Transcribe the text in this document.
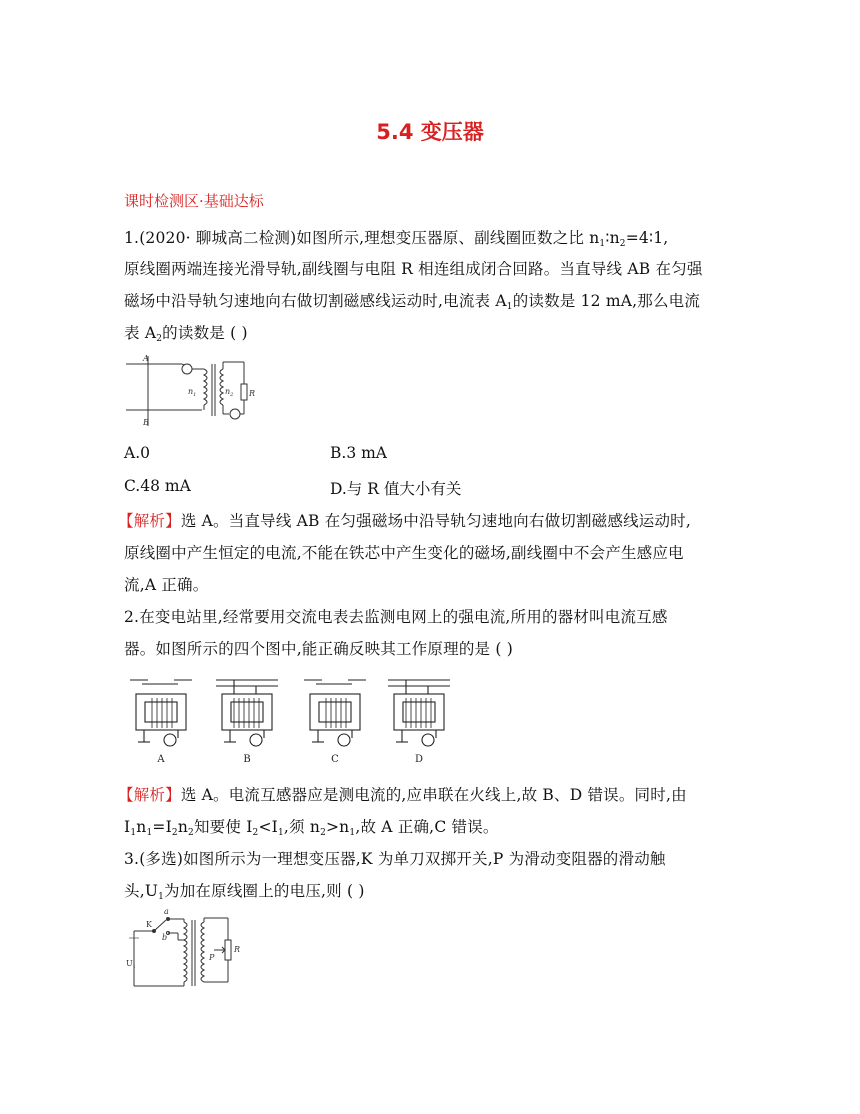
5.4 变压器
课时检测区·基础达标
1.(2020· 聊城高二检测)如图所示,理想变压器原、副线圈匝数之比 $n_1∶n_2=4∶1$,
原线圈两端连接光滑导轨,副线圈与电阻 R 相连组成闭合回路。当直导线 AB 在匀强
磁场中沿导轨匀速地向右做切割磁感线运动时,电流表 $A_1$的读数是 12 mA,那么电流
表 $A_2$的读数是 ( )
A
B
$n_1$	$n_2$ R
A.0	B.3 mA
C.48 mA	D.与 R 值大小有关
【解析】选 A。当直导线 AB 在匀强磁场中沿导轨匀速地向右做切割磁感线运动时,
原线圈中产生恒定的电流,不能在铁芯中产生变化的磁场,副线圈中不会产生感应电
流,A 正确。
2.在变电站里,经常要用交流电表去监测电网上的强电流,所用的器材叫电流互感
器。如图所示的四个图中,能正确反映其工作原理的是 ( )
A	B	C	D
【解析】选 A。电流互感器应是测电流的,应串联在火线上,故 B、D 错误。同时,由
$I_1n_1=I_2n_2$知要使 $I_2<I_1$,须 $n_2>n_1$,故 A 正确,C 错误。
3.(多选)如图所示为一理想变压器,K 为单刀双掷开关,P 为滑动变阻器的滑动触
头$,U_1$为加在原线圈上的电压,则 ( )
K
a
b
$U_1$
P
R
